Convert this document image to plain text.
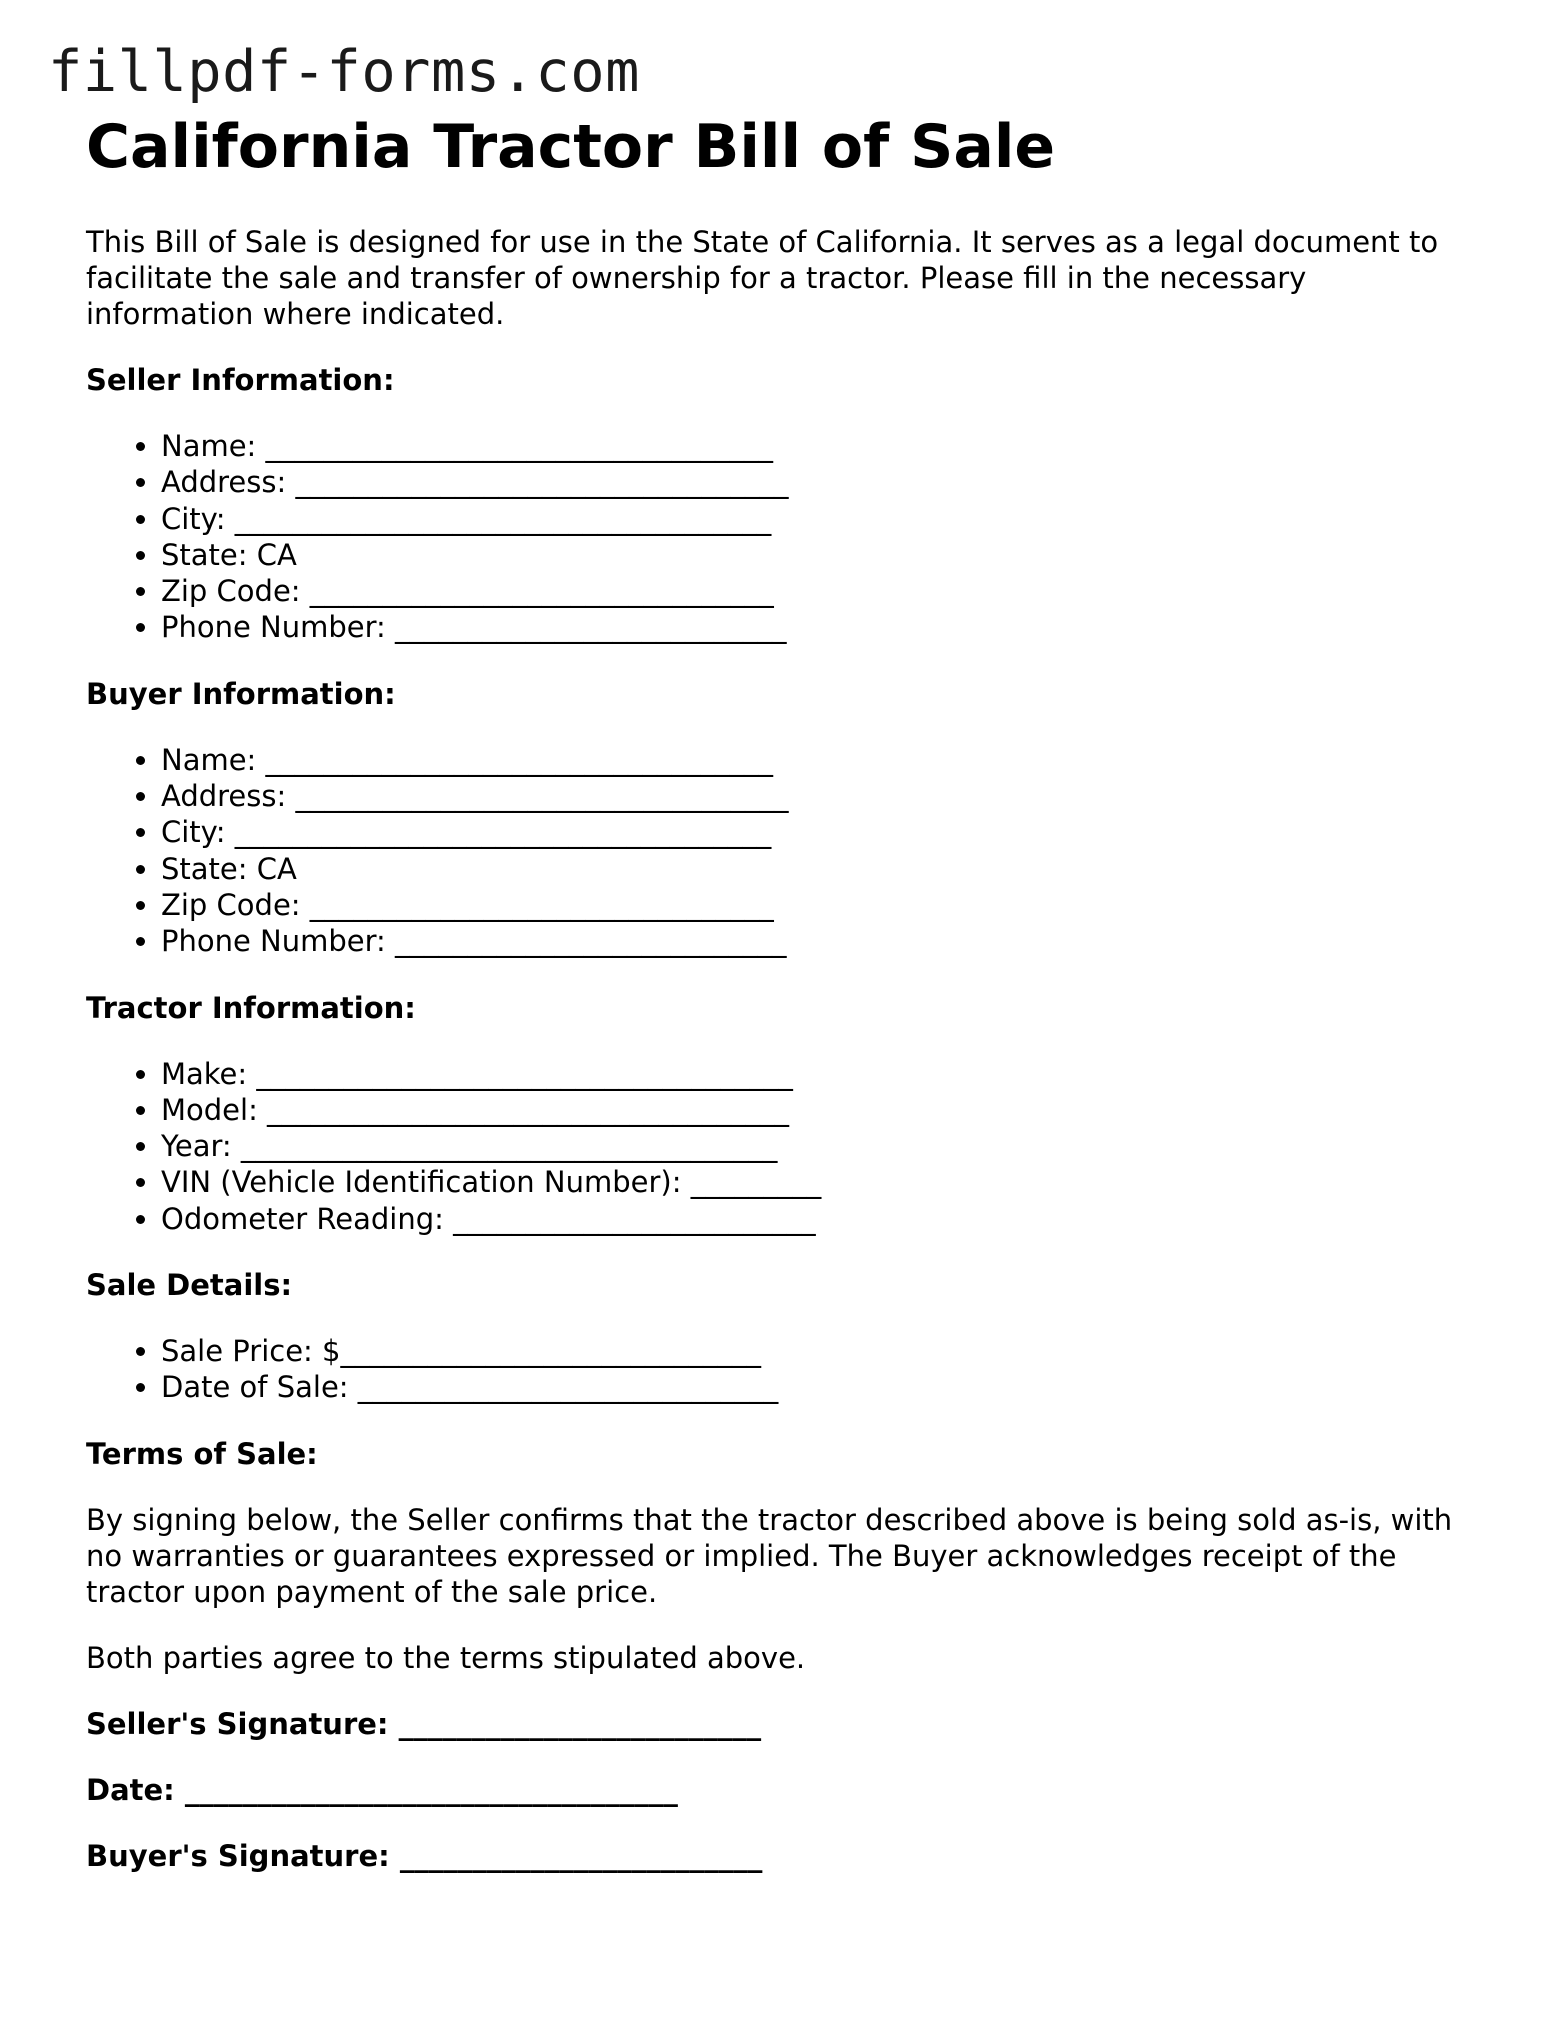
fillpdf-forms.com
California Tractor Bill of Sale

This Bill of Sale is designed for use in the State of California. It serves as a legal document to facilitate the sale and transfer of ownership for a tractor. Please fill in the necessary information where indicated.

Seller Information:
• Name: ___________________________________
• Address: __________________________________
• City: _____________________________________
• State: CA
• Zip Code: ________________________________
• Phone Number: ___________________________
Buyer Information:
• Name: ___________________________________
• Address: __________________________________
• City: _____________________________________
• State: CA
• Zip Code: ________________________________
• Phone Number: ___________________________
Tractor Information:
• Make: _____________________________________
• Model: ____________________________________
• Year: _____________________________________
• VIN (Vehicle Identification Number): _________
• Odometer Reading: _________________________
Sale Details:
• Sale Price: $_____________________________
• Date of Sale: _____________________________
Terms of Sale:

By signing below, the Seller confirms that the tractor described above is being sold as-is, with no warranties or guarantees expressed or implied. The Buyer acknowledges receipt of the tractor upon payment of the sale price.

Both parties agree to the terms stipulated above.

Seller's Signature: _________________________
Date: __________________________________
Buyer's Signature: _________________________
